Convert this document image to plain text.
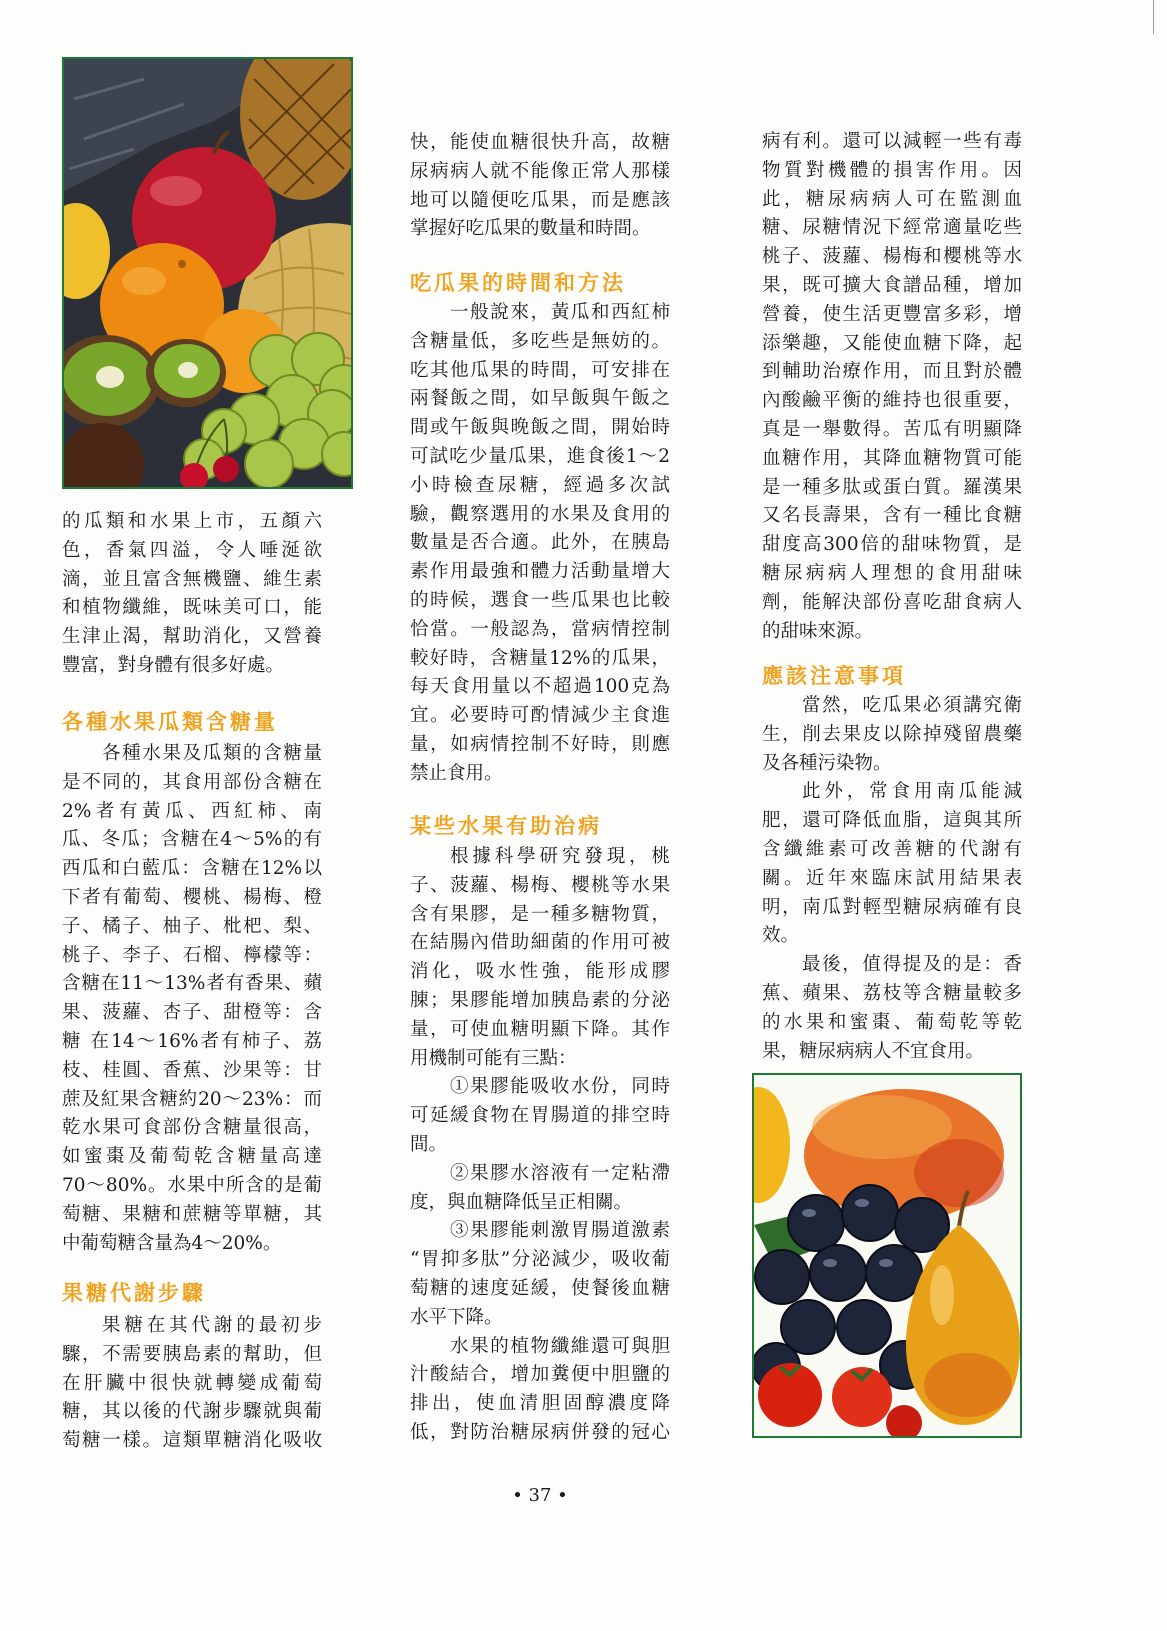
的瓜類和水果上市，五顏六
色，香氣四溢，令人唾涎欲
滴，並且富含無機鹽、維生素
和植物纖維，既味美可口，能
生津止渴，幫助消化，又營養
豐富，對身體有很多好處。
各種水果瓜類含糖量
各種水果及瓜類的含糖量
是不同的，其食用部份含糖在
2%者有黃瓜、西紅柿、南
瓜、冬瓜；含糖在4～5%的有
西瓜和白藍瓜：含糖在12%以
下者有葡萄、櫻桃、楊梅、橙
子、橘子、柚子、枇杷、梨、
桃子、李子、石榴、檸檬等：
含糖在11～13%者有香果、蘋
果、菠蘿、杏子、甜橙等：含
糖 在14～16%者有柿子、荔
枝、桂圓、香蕉、沙果等：甘
蔗及紅果含糖約20～23%：而
乾水果可食部份含糖量很高，
如蜜棗及葡萄乾含糖量高達
70～80%。水果中所含的是葡
萄糖、果糖和蔗糖等單糖，其
中葡萄糖含量為4～20%。
果糖代謝步驟
果糖在其代謝的最初步
驟，不需要胰島素的幫助，但
在肝臟中很快就轉變成葡萄
糖，其以後的代謝步驟就與葡
萄糖一樣。這類單糖消化吸收
快，能使血糖很快升高，故糖
尿病病人就不能像正常人那樣
地可以隨便吃瓜果，而是應該
掌握好吃瓜果的數量和時間。
吃瓜果的時間和方法
一般說來，黃瓜和西紅柿
含糖量低，多吃些是無妨的。
吃其他瓜果的時間，可安排在
兩餐飯之間，如早飯與午飯之
間或午飯與晚飯之間，開始時
可試吃少量瓜果，進食後1～2
小時檢查尿糖，經過多次試
驗，觀察選用的水果及食用的
數量是否合適。此外，在胰島
素作用最強和體力活動量增大
的時候，選食一些瓜果也比較
恰當。一般認為，當病情控制
較好時，含糖量12%的瓜果，
每天食用量以不超過100克為
宜。必要時可酌情減少主食進
量，如病情控制不好時，則應
禁止食用。
某些水果有助治病
根據科學研究發現，桃
子、菠蘿、楊梅、櫻桃等水果
含有果膠，是一種多糖物質，
在結腸內借助細菌的作用可被
消化，吸水性強，能形成膠
腖；果膠能增加胰島素的分泌
量，可使血糖明顯下降。其作
用機制可能有三點：
①果膠能吸收水份，同時
可延緩食物在胃腸道的排空時
間。
②果膠水溶液有一定粘滯
度，與血糖降低呈正相關。
③果膠能刺激胃腸道激素
“胃抑多肽”分泌減少，吸收葡
萄糖的速度延緩，使餐後血糖
水平下降。
水果的植物纖維還可與胆
汁酸結合，增加糞便中胆鹽的
排出，使血清胆固醇濃度降
低，對防治糖尿病併發的冠心
病有利。還可以減輕一些有毒
物質對機體的損害作用。因
此，糖尿病病人可在監測血
糖、尿糖情況下經常適量吃些
桃子、菠蘿、楊梅和櫻桃等水
果，既可擴大食譜品種，增加
營養，使生活更豐富多彩，增
添樂趣，又能使血糖下降，起
到輔助治療作用，而且對於體
內酸鹼平衡的維持也很重要，
真是一舉數得。苦瓜有明顯降
血糖作用，其降血糖物質可能
是一種多肽或蛋白質。羅漢果
又名長壽果，含有一種比食糖
甜度高300倍的甜味物質，是
糖尿病病人理想的食用甜味
劑，能解決部份喜吃甜食病人
的甜味來源。
應該注意事項
當然，吃瓜果必須講究衛
生，削去果皮以除掉殘留農藥
及各種污染物。
此外，常食用南瓜能減
肥，還可降低血脂，這與其所
含纖維素可改善糖的代謝有
關。近年來臨床試用結果表
明，南瓜對輕型糖尿病確有良
效。
最後，值得提及的是：香
蕉、蘋果、荔枝等含糖量較多
的水果和蜜棗、葡萄乾等乾
果，糖尿病病人不宜食用。
• 37 •
